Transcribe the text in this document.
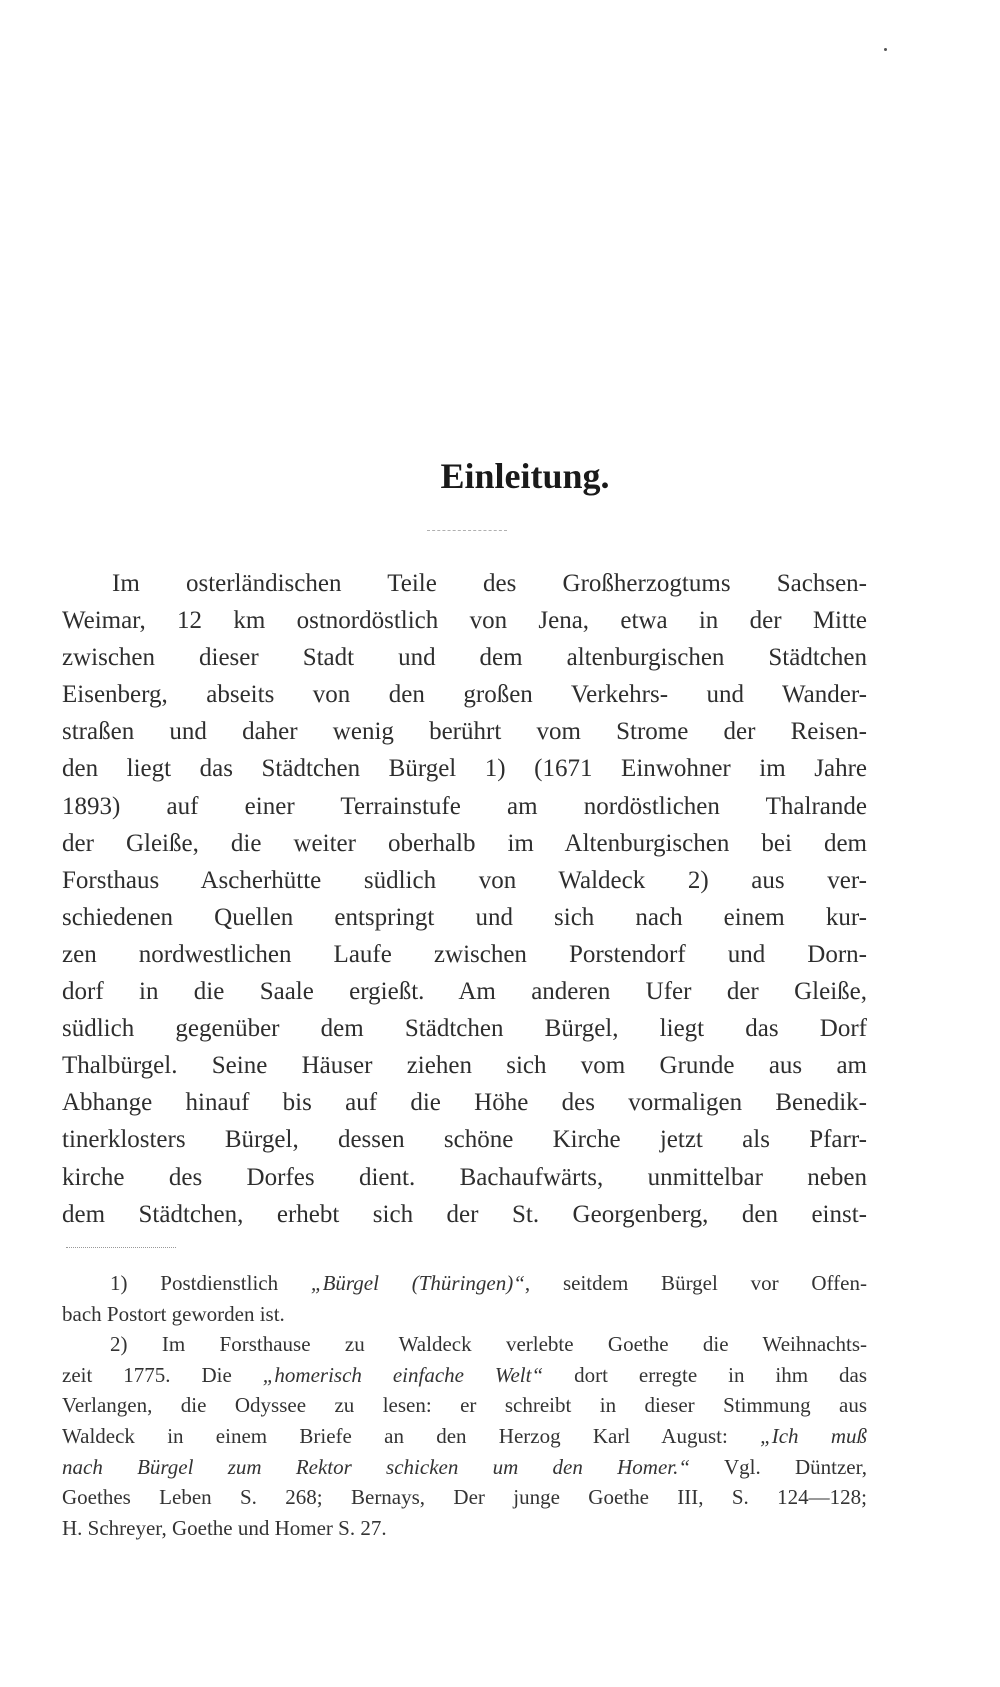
Einleitung.
Im osterländischen Teile des Großherzogtums Sachsen-
Weimar, 12 km ostnordöstlich von Jena, etwa in der Mitte
zwischen dieser Stadt und dem altenburgischen Städtchen
Eisenberg, abseits von den großen Verkehrs- und Wander-
straßen und daher wenig berührt vom Strome der Reisen-
den liegt das Städtchen Bürgel 1) (1671 Einwohner im Jahre
1893) auf einer Terrainstufe am nordöstlichen Thalrande
der Gleiße, die weiter oberhalb im Altenburgischen bei dem
Forsthaus Ascherhütte südlich von Waldeck 2) aus ver-
schiedenen Quellen entspringt und sich nach einem kur-
zen nordwestlichen Laufe zwischen Porstendorf und Dorn-
dorf in die Saale ergießt. Am anderen Ufer der Gleiße,
südlich gegenüber dem Städtchen Bürgel, liegt das Dorf
Thalbürgel. Seine Häuser ziehen sich vom Grunde aus am
Abhange hinauf bis auf die Höhe des vormaligen Benedik-
tinerklosters Bürgel, dessen schöne Kirche jetzt als Pfarr-
kirche des Dorfes dient. Bachaufwärts, unmittelbar neben
dem Städtchen, erhebt sich der St. Georgenberg, den einst-
1) Postdienstlich „Bürgel (Thüringen)“, seitdem Bürgel vor Offen-
bach Postort geworden ist.
2) Im Forsthause zu Waldeck verlebte Goethe die Weihnachts-
zeit 1775. Die „homerisch einfache Welt“ dort erregte in ihm das
Verlangen, die Odyssee zu lesen: er schreibt in dieser Stimmung aus
Waldeck in einem Briefe an den Herzog Karl August: „Ich muß
nach Bürgel zum Rektor schicken um den Homer.“ Vgl. Düntzer,
Goethes Leben S. 268; Bernays, Der junge Goethe III, S. 124—128;
H. Schreyer, Goethe und Homer S. 27.
